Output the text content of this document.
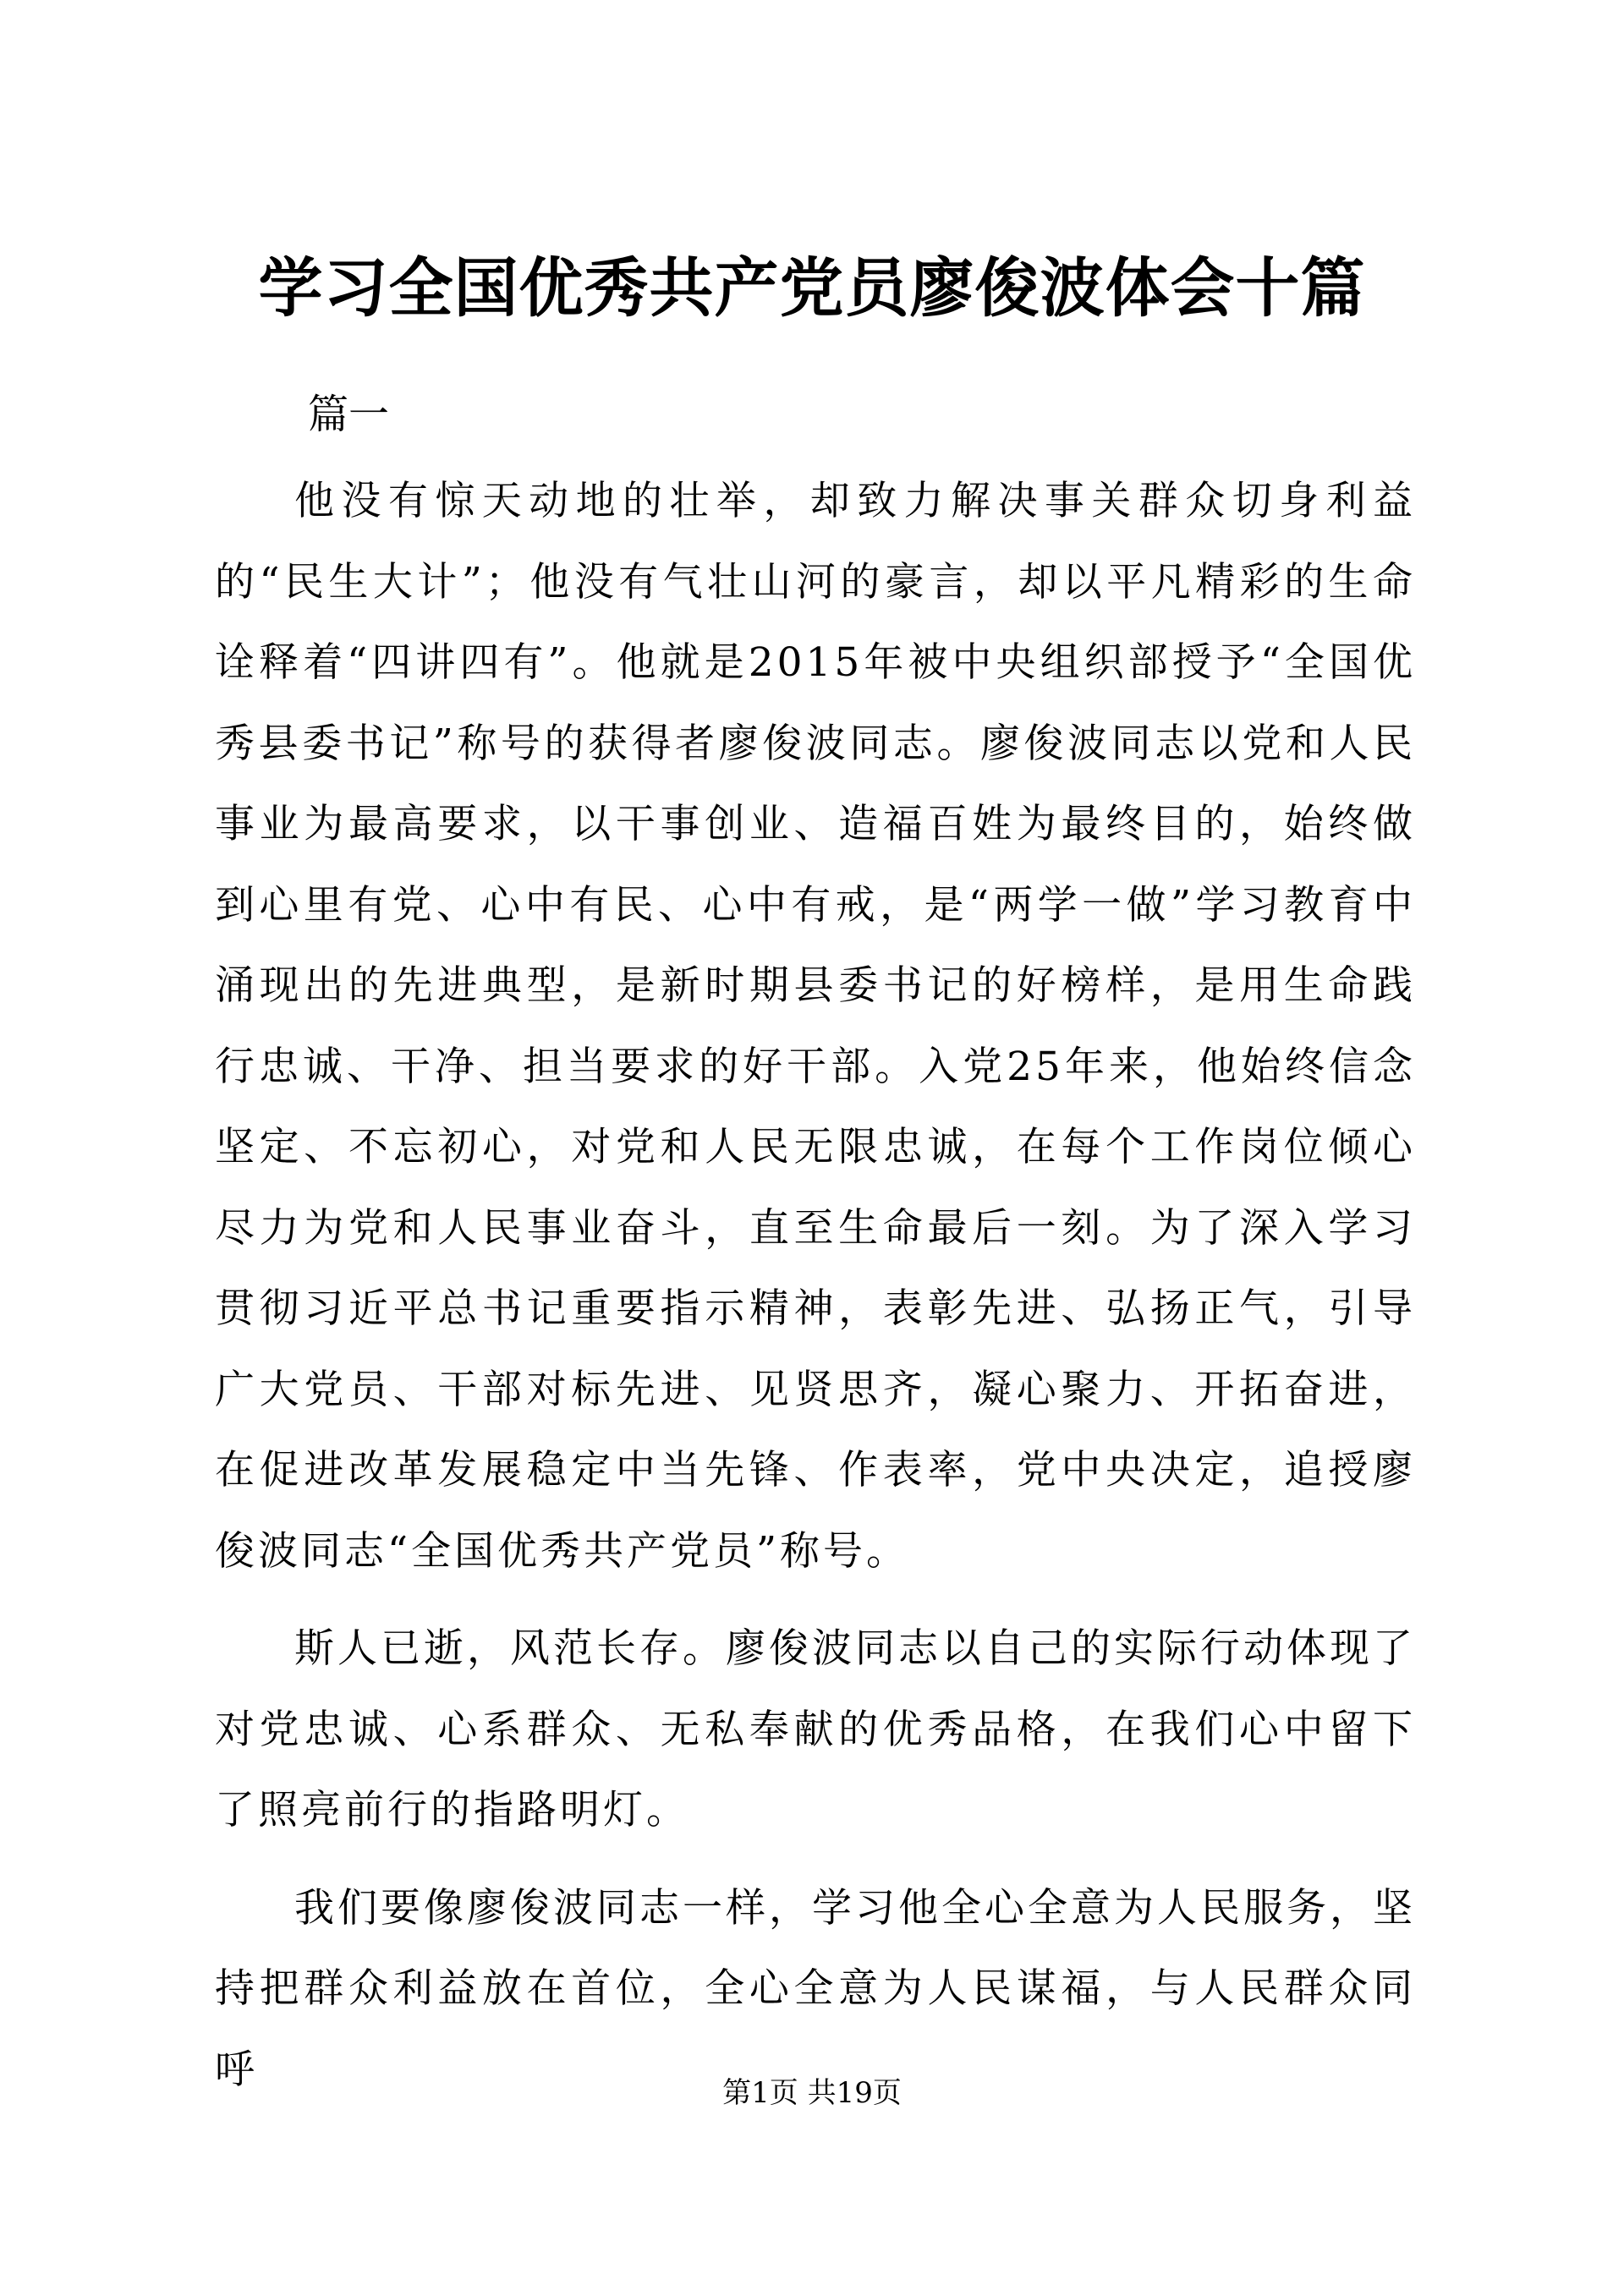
学习全国优秀共产党员廖俊波体会十篇

篇一

他没有惊天动地的壮举，却致力解决事关群众切身利益的“民生大计”；他没有气壮山河的豪言，却以平凡精彩的生命诠释着“四讲四有”。他就是2015年被中央组织部授予“全国优秀县委书记”称号的获得者廖俊波同志。廖俊波同志以党和人民事业为最高要求，以干事创业、造福百姓为最终目的，始终做到心里有党、心中有民、心中有戒，是“两学一做”学习教育中涌现出的先进典型，是新时期县委书记的好榜样，是用生命践行忠诚、干净、担当要求的好干部。入党25年来，他始终信念坚定、不忘初心，对党和人民无限忠诚，在每个工作岗位倾心尽力为党和人民事业奋斗，直至生命最后一刻。为了深入学习贯彻习近平总书记重要指示精神，表彰先进、弘扬正气，引导广大党员、干部对标先进、见贤思齐，凝心聚力、开拓奋进，在促进改革发展稳定中当先锋、作表率，党中央决定，追授廖俊波同志“全国优秀共产党员”称号。

斯人已逝，风范长存。廖俊波同志以自己的实际行动体现了对党忠诚、心系群众、无私奉献的优秀品格，在我们心中留下了照亮前行的指路明灯。

我们要像廖俊波同志一样，学习他全心全意为人民服务，坚持把群众利益放在首位，全心全意为人民谋福，与人民群众同呼

第1页 共19页
